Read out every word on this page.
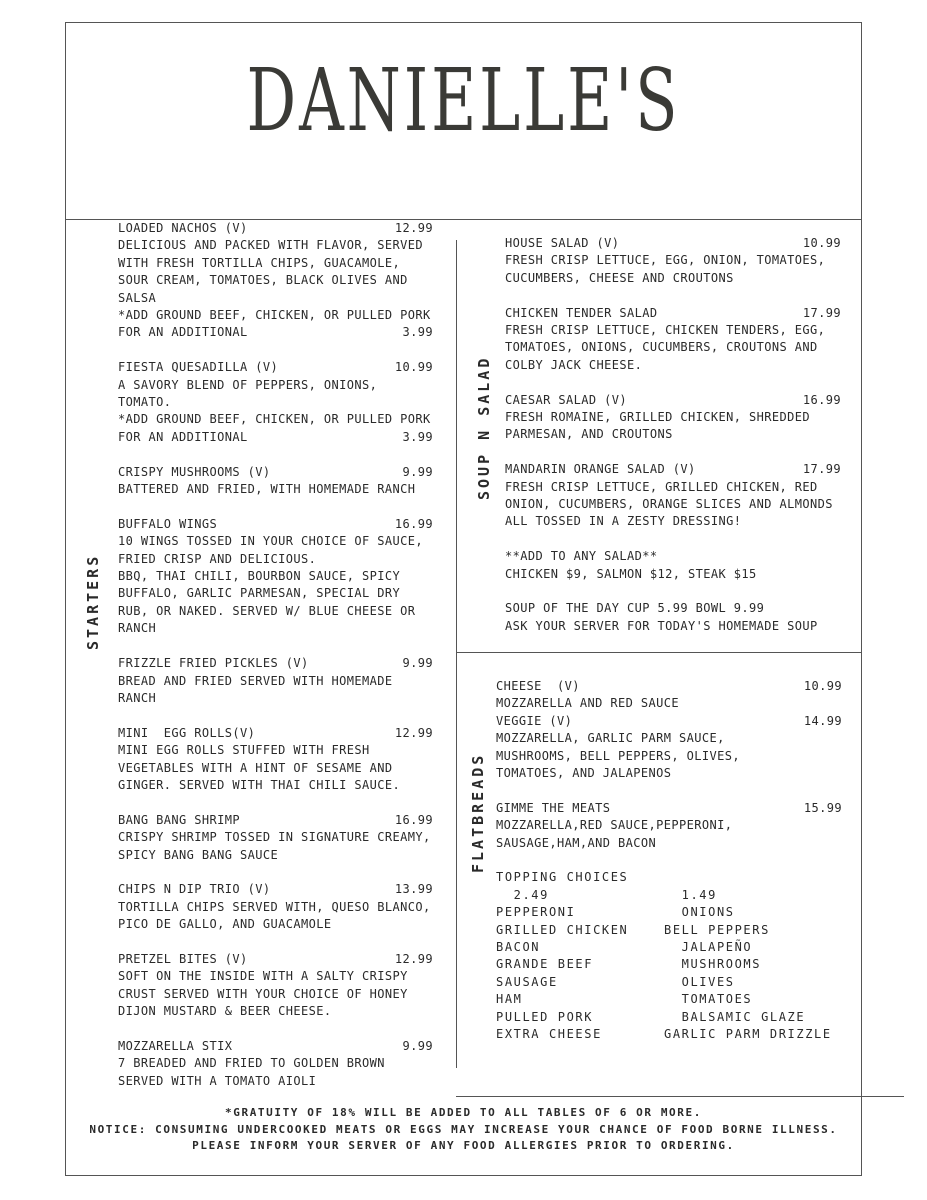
DANIELLE'S
STARTERS
SOUP N SALAD
FLATBREADS
LOADED NACHOS (V)	12.99
DELICIOUS AND PACKED WITH FLAVOR, SERVED
WITH FRESH TORTILLA CHIPS, GUACAMOLE,
SOUR CREAM, TOMATOES, BLACK OLIVES AND
SALSA
*ADD GROUND BEEF, CHICKEN, OR PULLED PORK
FOR AN ADDITIONAL	3.99
FIESTA QUESADILLA (V)	10.99
A SAVORY BLEND OF PEPPERS, ONIONS,
TOMATO.
*ADD GROUND BEEF, CHICKEN, OR PULLED PORK
FOR AN ADDITIONAL	3.99
CRISPY MUSHROOMS (V)	9.99
BATTERED AND FRIED, WITH HOMEMADE RANCH
BUFFALO WINGS	16.99
10 WINGS TOSSED IN YOUR CHOICE OF SAUCE,
FRIED CRISP AND DELICIOUS.
BBQ, THAI CHILI, BOURBON SAUCE, SPICY
BUFFALO, GARLIC PARMESAN, SPECIAL DRY
RUB, OR NAKED. SERVED W/ BLUE CHEESE OR
RANCH
FRIZZLE FRIED PICKLES (V)	9.99
BREAD AND FRIED SERVED WITH HOMEMADE
RANCH
MINI  EGG ROLLS(V)	12.99
MINI EGG ROLLS STUFFED WITH FRESH
VEGETABLES WITH A HINT OF SESAME AND
GINGER. SERVED WITH THAI CHILI SAUCE.
BANG BANG SHRIMP	16.99
CRISPY SHRIMP TOSSED IN SIGNATURE CREAMY,
SPICY BANG BANG SAUCE
CHIPS N DIP TRIO (V)	13.99
TORTILLA CHIPS SERVED WITH, QUESO BLANCO,
PICO DE GALLO, AND GUACAMOLE
PRETZEL BITES (V)	12.99
SOFT ON THE INSIDE WITH A SALTY CRISPY
CRUST SERVED WITH YOUR CHOICE OF HONEY
DIJON MUSTARD & BEER CHEESE.
MOZZARELLA STIX	9.99
7 BREADED AND FRIED TO GOLDEN BROWN
SERVED WITH A TOMATO AIOLI
HOUSE SALAD (V)	10.99
FRESH CRISP LETTUCE, EGG, ONION, TOMATOES,
CUCUMBERS, CHEESE AND CROUTONS
CHICKEN TENDER SALAD	17.99
FRESH CRISP LETTUCE, CHICKEN TENDERS, EGG,
TOMATOES, ONIONS, CUCUMBERS, CROUTONS AND
COLBY JACK CHEESE.
CAESAR SALAD (V)	16.99
FRESH ROMAINE, GRILLED CHICKEN, SHREDDED
PARMESAN, AND CROUTONS
MANDARIN ORANGE SALAD (V)	17.99
FRESH CRISP LETTUCE, GRILLED CHICKEN, RED
ONION, CUCUMBERS, ORANGE SLICES AND ALMONDS
ALL TOSSED IN A ZESTY DRESSING!
**ADD TO ANY SALAD**
CHICKEN $9, SALMON $12, STEAK $15
SOUP OF THE DAY CUP 5.99 BOWL 9.99
ASK YOUR SERVER FOR TODAY'S HOMEMADE SOUP
CHEESE  (V)	10.99
MOZZARELLA AND RED SAUCE
VEGGIE (V)	14.99
MOZZARELLA, GARLIC PARM SAUCE,
MUSHROOMS, BELL PEPPERS, OLIVES,
TOMATOES, AND JALAPENOS
GIMME THE MEATS	15.99
MOZZARELLA,RED SAUCE,PEPPERONI,
SAUSAGE,HAM,AND BACON
TOPPING CHOICES
2.49	1.49
PEPPERONI	ONIONS
GRILLED CHICKEN	BELL PEPPERS
BACON	JALAPEÑO
GRANDE BEEF	MUSHROOMS
SAUSAGE	OLIVES
HAM	TOMATOES
PULLED PORK	BALSAMIC GLAZE
EXTRA CHEESE	GARLIC PARM DRIZZLE
*GRATUITY OF 18% WILL BE ADDED TO ALL TABLES OF 6 OR MORE.
NOTICE: CONSUMING UNDERCOOKED MEATS OR EGGS MAY INCREASE YOUR CHANCE OF FOOD BORNE ILLNESS.
PLEASE INFORM YOUR SERVER OF ANY FOOD ALLERGIES PRIOR TO ORDERING.
